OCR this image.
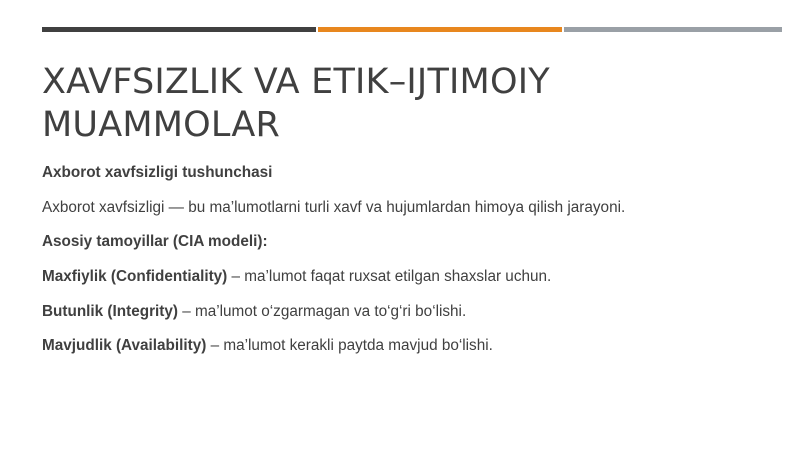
XAVFSIZLIK VA ETIK–IJTIMOIY MUAMMOLAR

Axborot xavfsizligi tushunchasi

Axborot xavfsizligi — bu ma’lumotlarni turli xavf va hujumlardan himoya qilish jarayoni.

Asosiy tamoyillar (CIA modeli):

Maxfiylik (Confidentiality) – ma’lumot faqat ruxsat etilgan shaxslar uchun.

Butunlik (Integrity) – ma’lumot o‘zgarmagan va to‘g‘ri bo‘lishi.

Mavjudlik (Availability) – ma’lumot kerakli paytda mavjud bo‘lishi.
